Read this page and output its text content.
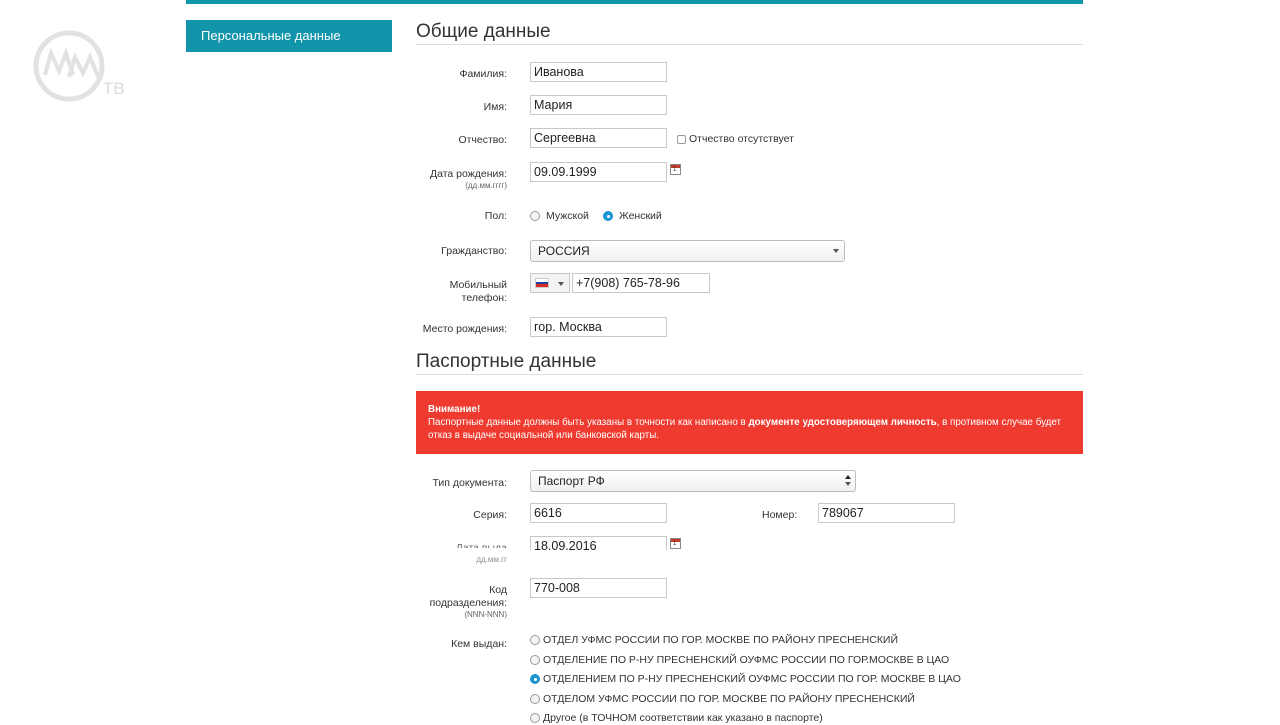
ТВ
Персональные данные	Общие данные
Фамилия:
Иванова
Имя:
Мария
Отчество:
Сергеевна	Отчество отсутствует
Дата рождения:
(дд.мм.гггг)
09.09.1999
1
Пол:	Мужской	Женский
Гражданство:	РОССИЯ
Мобильный
телефон:
+7(908) 765-78-96
Место рождения:
гор. Москва
Паспортные данные
Внимание!
Паспортные данные должны быть указаны в точности как написано в документе удостоверяющем личность, в противном случае будет отказ в выдаче социальной или банковской карты.
Тип документа:	Паспорт РФ
Серия:
6616	Номер:
789067
дд.мм.гг
18.09.2016
1
Код
подразделения:
(NNN-NNN)
770-008
Кем выдан:	ОТДЕЛ УФМС РОССИИ ПО ГОР. МОСКВЕ ПО РАЙОНУ ПРЕСНЕНСКИЙ
ОТДЕЛЕНИЕ ПО Р-НУ ПРЕСНЕНСКИЙ ОУФМС РОССИИ ПО ГОР.МОСКВЕ В ЦАО
ОТДЕЛЕНИЕМ ПО Р-НУ ПРЕСНЕНСКИЙ ОУФМС РОССИИ ПО ГОР. МОСКВЕ В ЦАО
ОТДЕЛОМ УФМС РОССИИ ПО ГОР. МОСКВЕ ПО РАЙОНУ ПРЕСНЕНСКИЙ
Другое (в ТОЧНОМ соответствии как указано в паспорте)
